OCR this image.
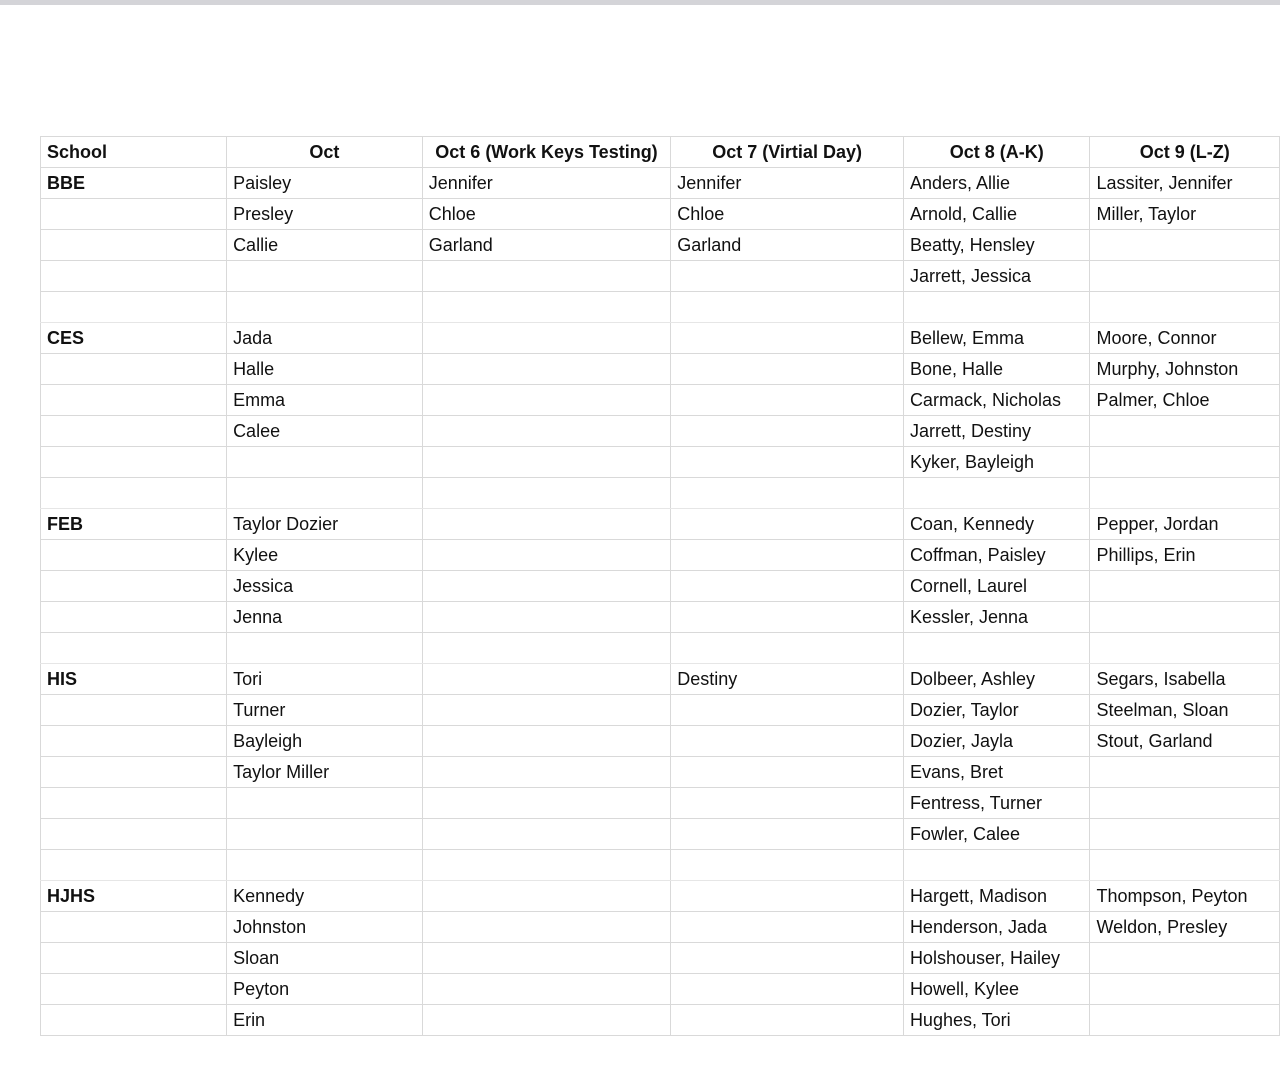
School	Oct	Oct 6 (Work Keys Testing)	Oct 7 (Virtial Day)	Oct 8 (A-K)	Oct 9 (L-Z)
BBE	Paisley	Jennifer	Jennifer	Anders, Allie	Lassiter, Jennifer
	Presley	Chloe	Chloe	Arnold, Callie	Miller, Taylor
	Callie	Garland	Garland	Beatty, Hensley	
				Jarrett, Jessica	

CES	Jada			Bellew, Emma	Moore, Connor
	Halle			Bone, Halle	Murphy, Johnston
	Emma			Carmack, Nicholas	Palmer, Chloe
	Calee			Jarrett, Destiny	
				Kyker, Bayleigh	

FEB	Taylor Dozier			Coan, Kennedy	Pepper, Jordan
	Kylee			Coffman, Paisley	Phillips, Erin
	Jessica			Cornell, Laurel	
	Jenna			Kessler, Jenna	

HIS	Tori		Destiny	Dolbeer, Ashley	Segars, Isabella
	Turner			Dozier, Taylor	Steelman, Sloan
	Bayleigh			Dozier, Jayla	Stout, Garland
	Taylor Miller			Evans, Bret	
				Fentress, Turner	
				Fowler, Calee	

HJHS	Kennedy			Hargett, Madison	Thompson, Peyton
	Johnston			Henderson, Jada	Weldon, Presley
	Sloan			Holshouser, Hailey	
	Peyton			Howell, Kylee	
	Erin			Hughes, Tori	
